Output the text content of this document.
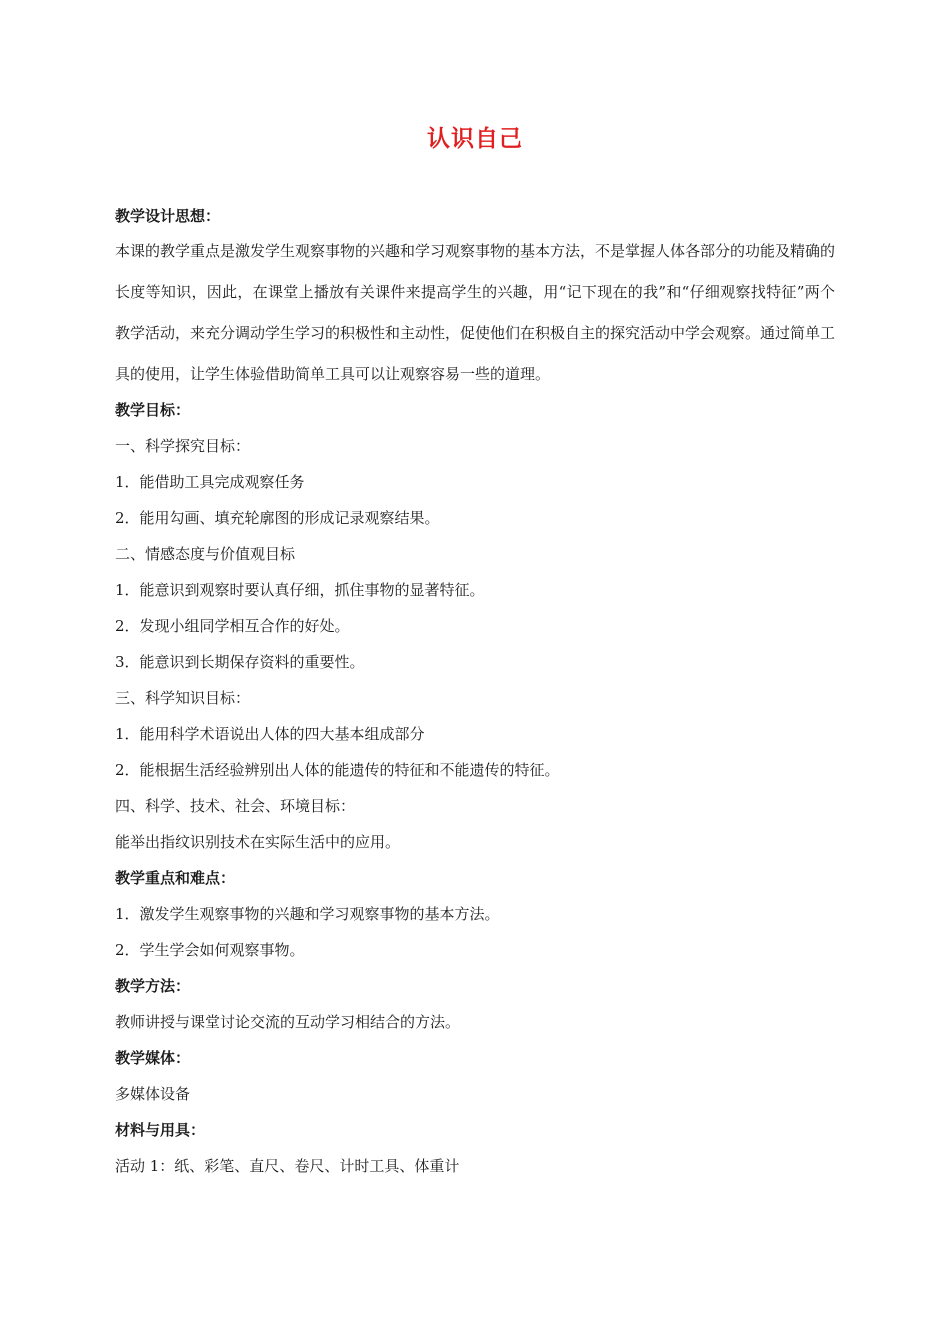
认识自己
教学设计思想：
本课的教学重点是激发学生观察事物的兴趣和学习观察事物的基本方法，不是掌握人体各部分的功能及精确的长度等知识，因此，在课堂上播放有关课件来提高学生的兴趣，用“记下现在的我”和“仔细观察找特征”两个教学活动，来充分调动学生学习的积极性和主动性，促使他们在积极自主的探究活动中学会观察。通过简单工具的使用，让学生体验借助简单工具可以让观察容易一些的道理。
教学目标：
一、科学探究目标：
1．能借助工具完成观察任务
2．能用勾画、填充轮廓图的形成记录观察结果。
二、情感态度与价值观目标
1．能意识到观察时要认真仔细，抓住事物的显著特征。
2．发现小组同学相互合作的好处。
3．能意识到长期保存资料的重要性。
三、科学知识目标：
1．能用科学术语说出人体的四大基本组成部分
2．能根据生活经验辨别出人体的能遗传的特征和不能遗传的特征。
四、科学、技术、社会、环境目标：
能举出指纹识别技术在实际生活中的应用。
教学重点和难点：
1．激发学生观察事物的兴趣和学习观察事物的基本方法。
2．学生学会如何观察事物。
教学方法：
教师讲授与课堂讨论交流的互动学习相结合的方法。
教学媒体：
多媒体设备
材料与用具：
活动 1：纸、彩笔、直尺、卷尺、计时工具、体重计
